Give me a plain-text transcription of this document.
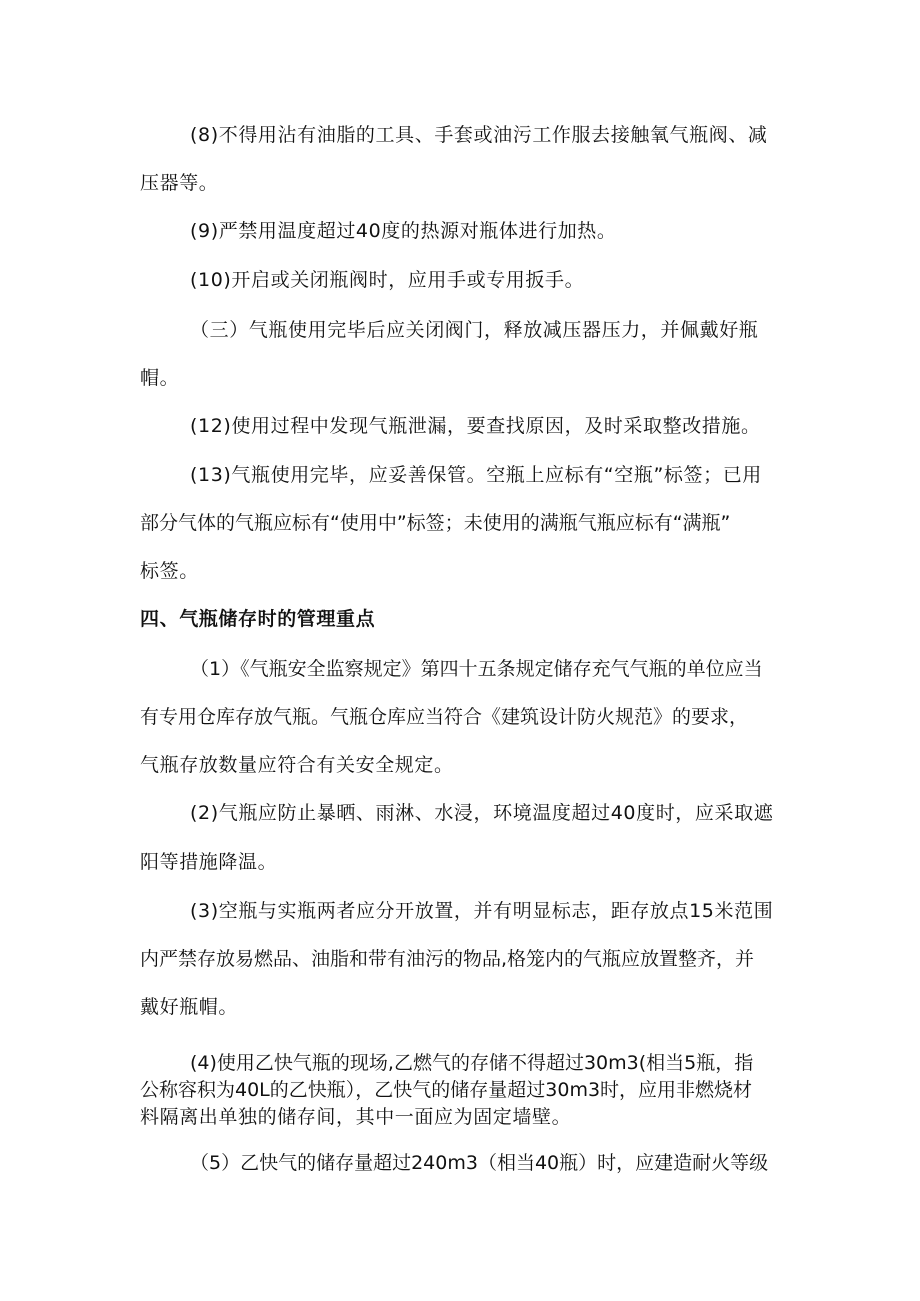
(8)不得用沾有油脂的工具、手套或油污工作服去接触氧气瓶阀、减
压器等。
(9)严禁用温度超过40度的热源对瓶体进行加热。
(10)开启或关闭瓶阀时，应用手或专用扳手。
（三）气瓶使用完毕后应关闭阀门，释放减压器压力，并佩戴好瓶
帽。
(12)使用过程中发现气瓶泄漏，要查找原因，及时采取整改措施。
(13)气瓶使用完毕，应妥善保管。空瓶上应标有“空瓶”标签；已用
部分气体的气瓶应标有“使用中”标签；未使用的满瓶气瓶应标有“满瓶”
标签。
四、气瓶储存时的管理重点
（1）《气瓶安全监察规定》第四十五条规定储存充气气瓶的单位应当
有专用仓库存放气瓶。气瓶仓库应当符合《建筑设计防火规范》的要求，
气瓶存放数量应符合有关安全规定。
(2)气瓶应防止暴晒、雨淋、水浸，环境温度超过40度时，应采取遮
阳等措施降温。
(3)空瓶与实瓶两者应分开放置，并有明显标志，距存放点15米范围
内严禁存放易燃品、油脂和带有油污的物品,格笼内的气瓶应放置整齐，并
戴好瓶帽。
(4)使用乙快气瓶的现场,乙燃气的存储不得超过30m3(相当5瓶，指
公称容积为40L的乙快瓶），乙快气的储存量超过30m3时，应用非燃烧材
料隔离出单独的储存间，其中一面应为固定墙壁。
（5）乙快气的储存量超过240m3（相当40瓶）时，应建造耐火等级
